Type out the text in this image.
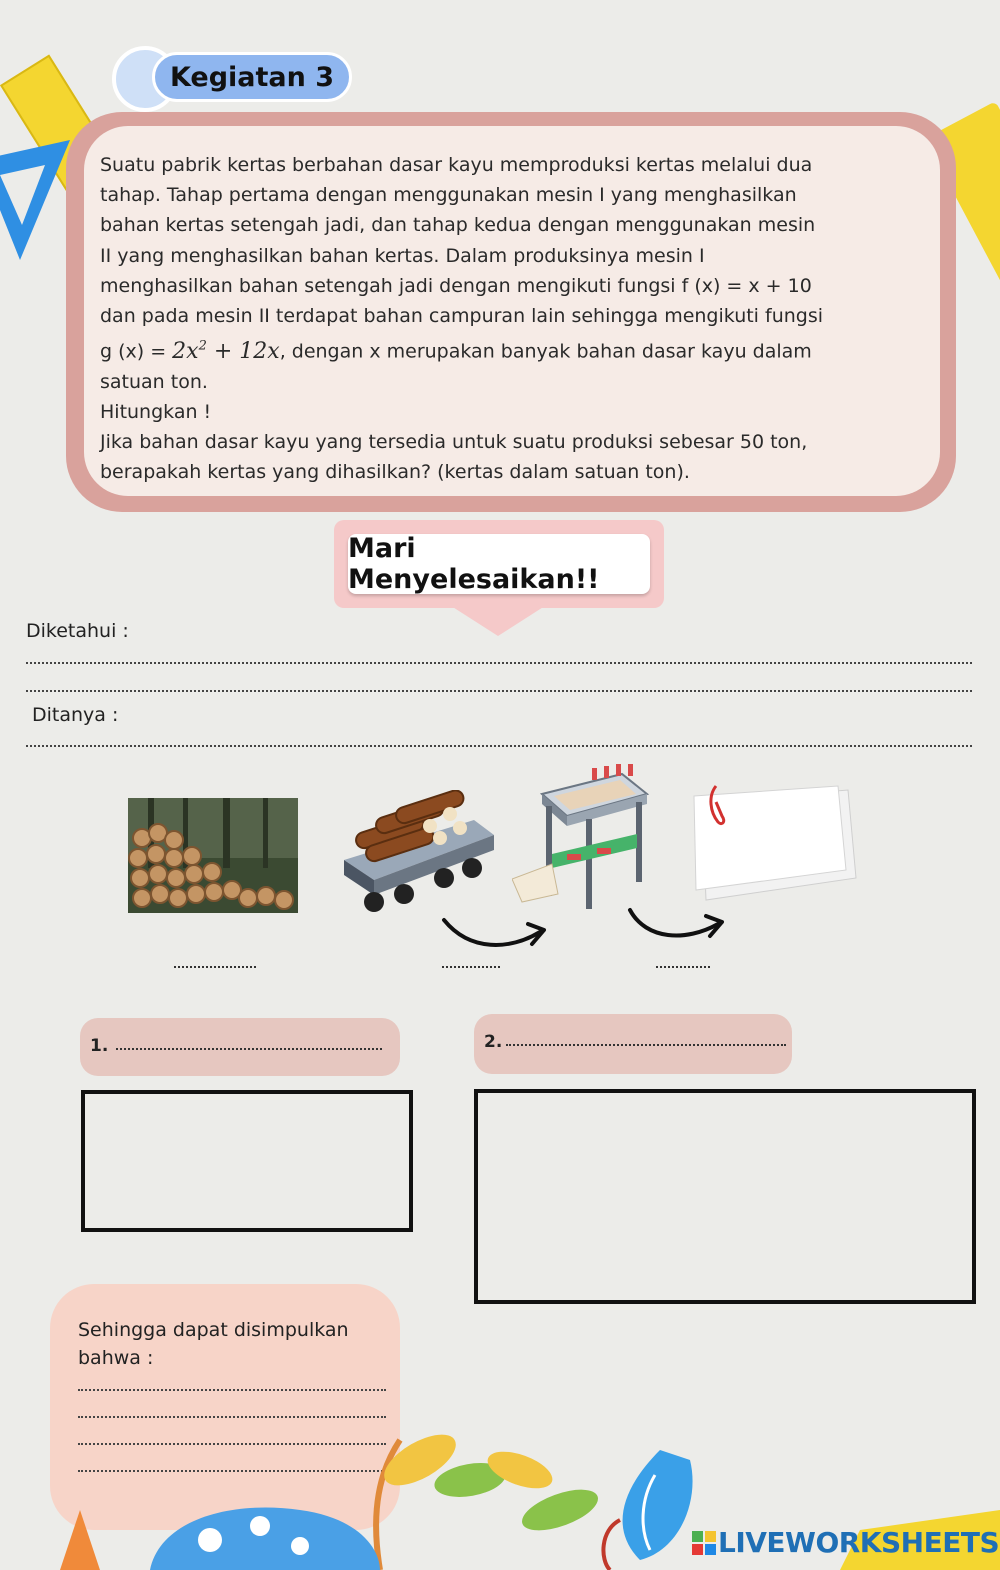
Kegiatan 3
Suatu pabrik kertas berbahan dasar kayu memproduksi kertas melalui dua
tahap. Tahap pertama dengan menggunakan mesin I yang menghasilkan
bahan kertas setengah jadi, dan tahap kedua dengan menggunakan mesin
II yang menghasilkan bahan kertas. Dalam produksinya mesin I
menghasilkan bahan setengah jadi dengan mengikuti fungsi f (x) = x + 10
dan pada mesin II terdapat bahan campuran lain sehingga mengikuti fungsi
g $(x) = 2x^2 + 12x$, dengan x merupakan banyak bahan dasar kayu dalam
satuan ton.
Hitungkan !
Jika bahan dasar kayu yang tersedia untuk suatu produksi sebesar 50 ton,
berapakah kertas yang dihasilkan? (kertas dalam satuan ton).
Mari Menyelesaikan!!
Diketahui :
Ditanya :
1.	2.
Sehingga dapat disimpulkan bahwa :
LIVEWORKSHEETS
